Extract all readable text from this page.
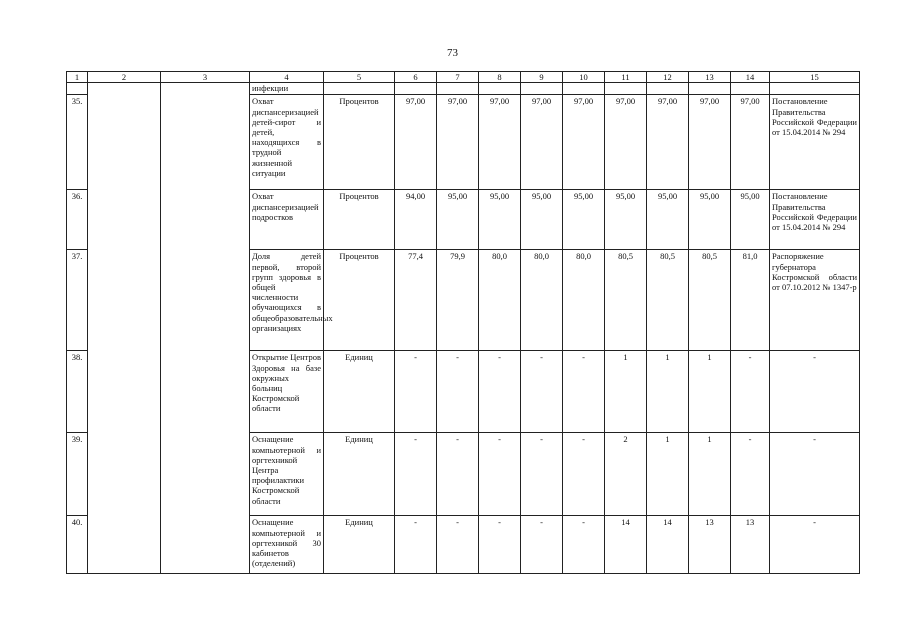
73
1	2	3	4	5	6	7	8	9	10	11	12	13	14	15
			инфекции											
35.			Охват диспансеризацией детей-сирот и детей, находящихся в трудной жизненной ситуации	Процентов	97,00	97,00	97,00	97,00	97,00	97,00	97,00	97,00	97,00	Постановление Правительства Российской Федерации от 15.04.2014 № 294
36.			Охват диспансеризацией подростков	Процентов	94,00	95,00	95,00	95,00	95,00	95,00	95,00	95,00	95,00	Постановление Правительства Российской Федерации от 15.04.2014 № 294
37.			Доля детей первой, второй групп здоровья в общей численности обучающихся в общеобразовательных организациях	Процентов	77,4	79,9	80,0	80,0	80,0	80,5	80,5	80,5	81,0	Распоряжение губернатора Костромской области от 07.10.2012 № 1347-р
38.			Открытие Центров Здоровья на базе окружных больниц Костромской области	Единиц	-	-	-	-	-	1	1	1	-	-
39.			Оснащение компьютерной и оргтехникой Центра профилактики Костромской области	Единиц	-	-	-	-	-	2	1	1	-	-
40.			Оснащение компьютерной и оргтехникой 30 кабинетов (отделений)	Единиц	-	-	-	-	-	14	14	13	13	-
